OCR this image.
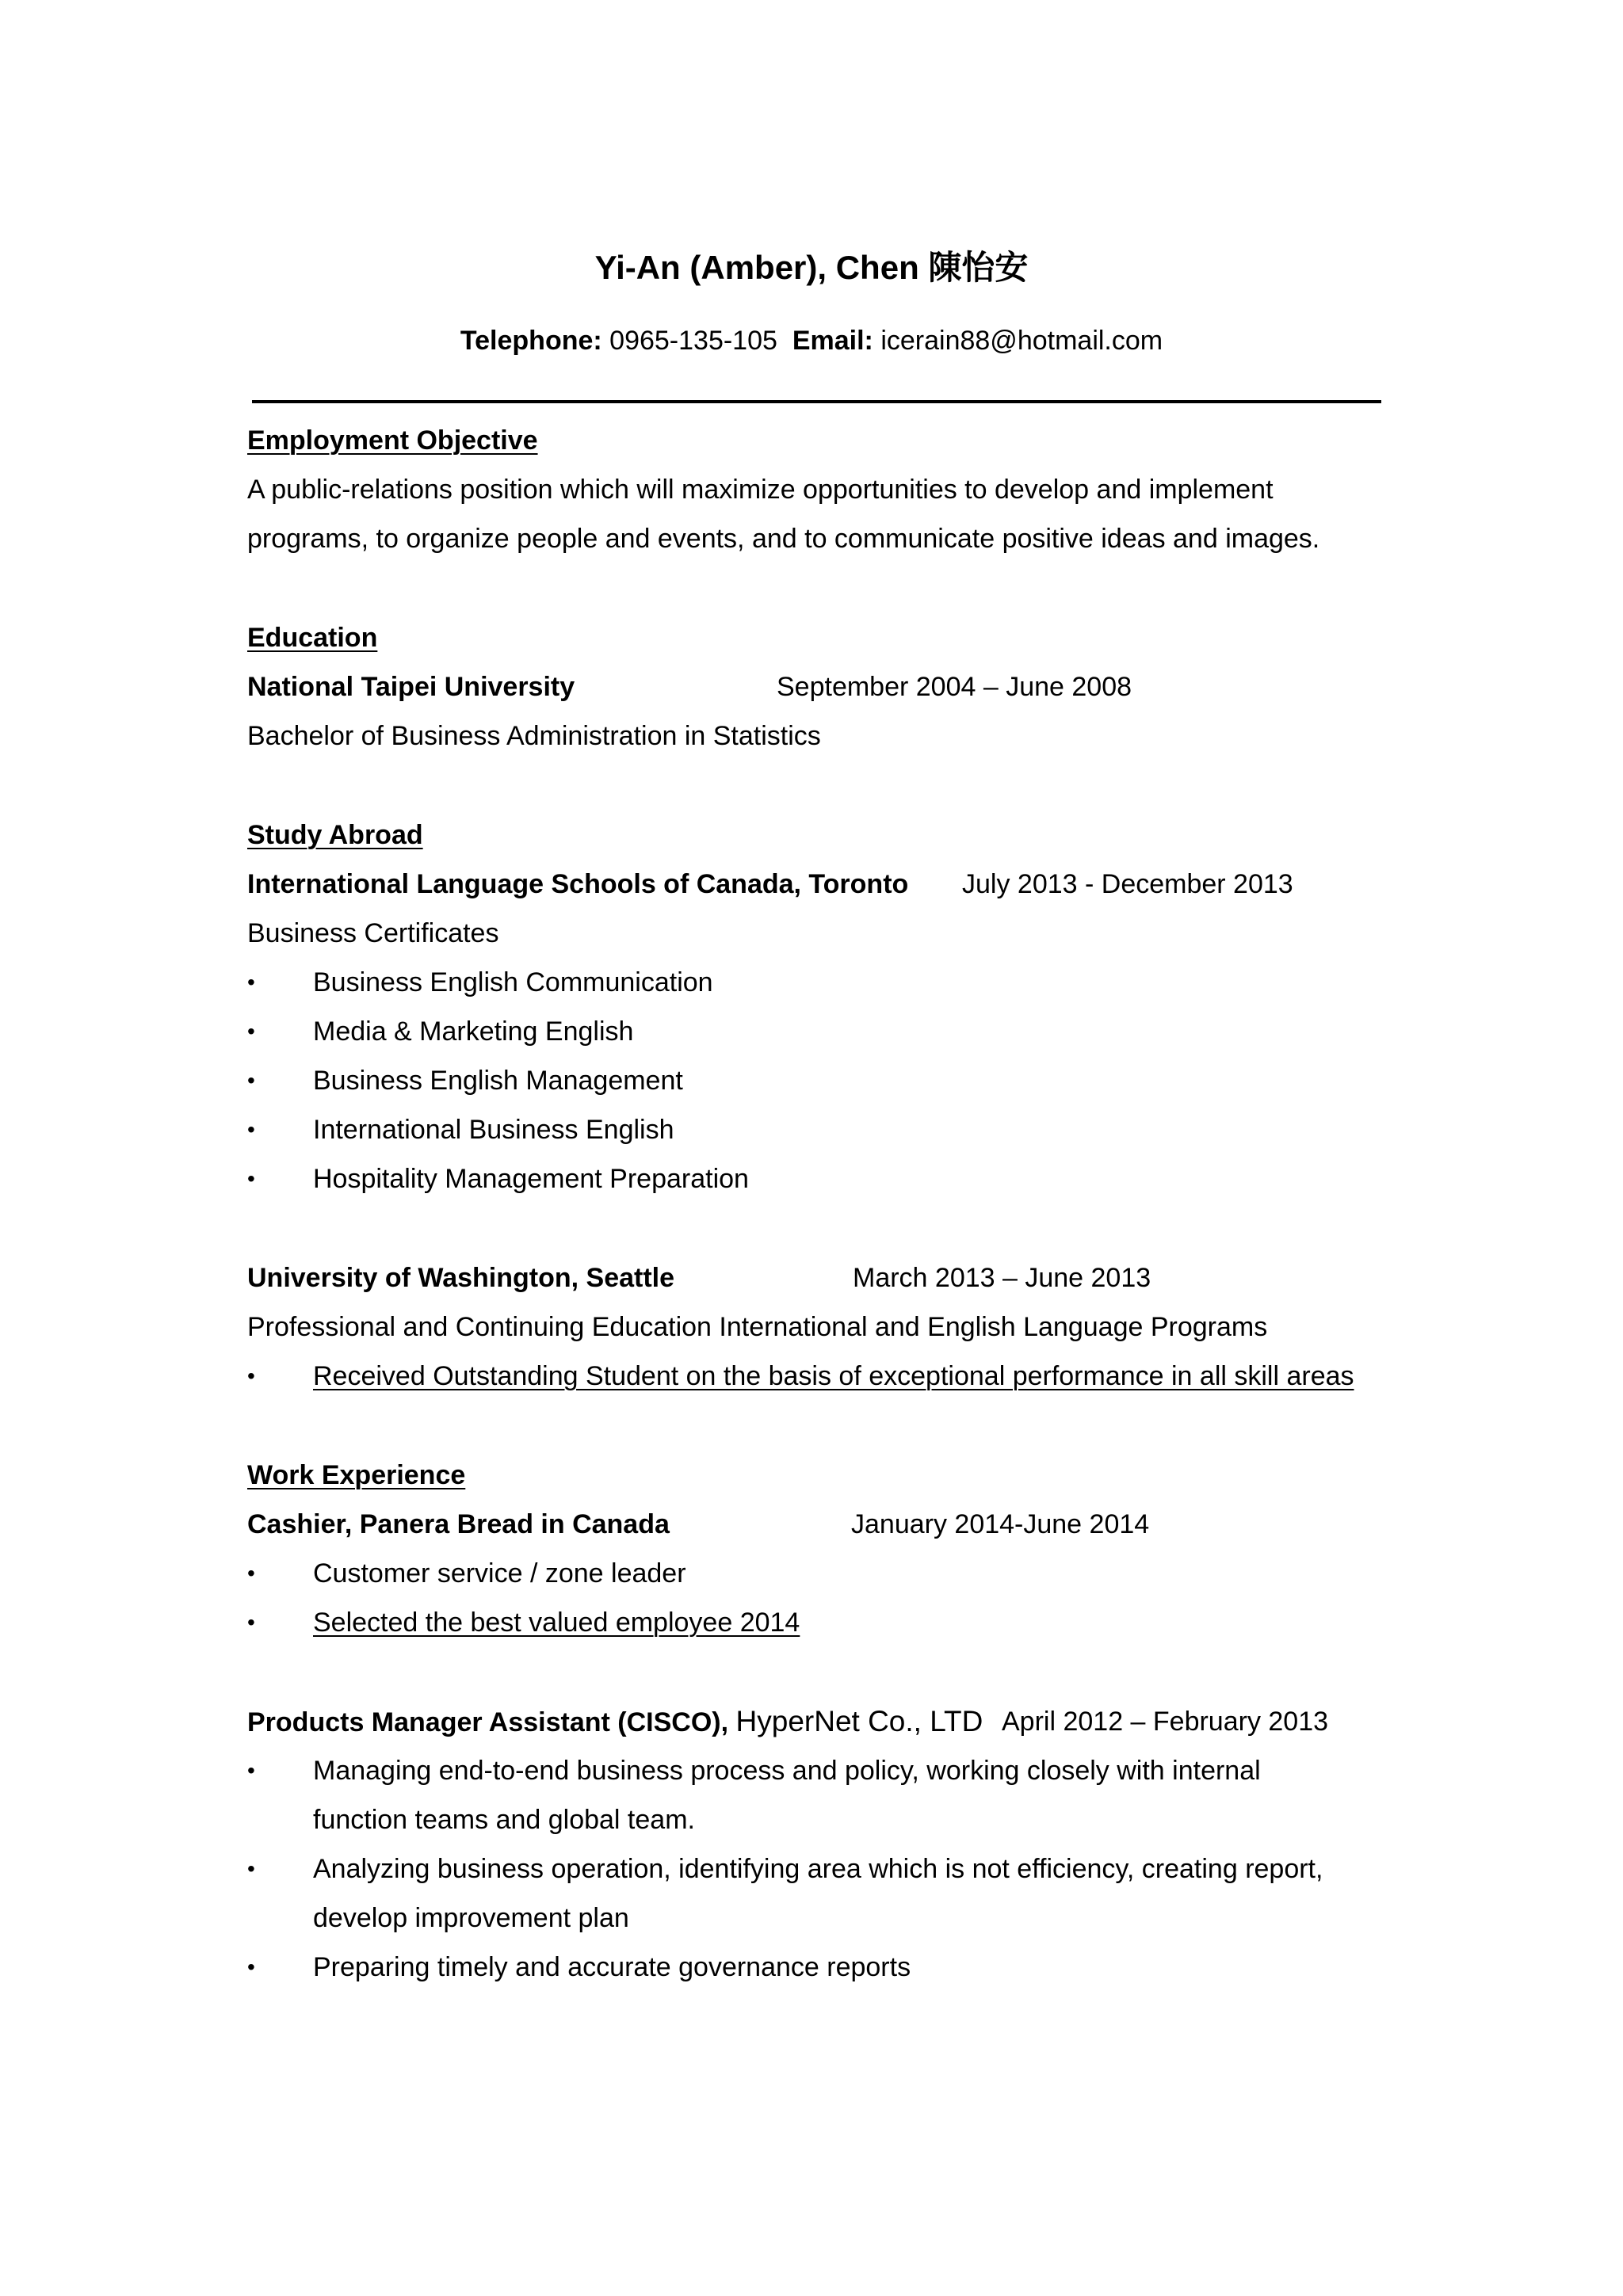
Yi-An (Amber), Chen 陳怡安
Telephone: 0965-135-105 Email: icerain88@hotmail.com
Employment Objective
A public-relations position which will maximize opportunities to develop and implement
programs, to organize people and events, and to communicate positive ideas and images.
Education
National Taipei University	September 2004 – June 2008
Bachelor of Business Administration in Statistics
Study Abroad
International Language Schools of Canada, Toronto July 2013 - December 2013
Business Certificates
• Business English Communication
• Media & Marketing English
• Business English Management
• International Business English
• Hospitality Management Preparation
University of Washington, Seattle	March 2013 – June 2013
Professional and Continuing Education International and English Language Programs
• Received Outstanding Student on the basis of exceptional performance in all skill areas
Work Experience
Cashier, Panera Bread in Canada	January 2014-June 2014
• Customer service / zone leader
• Selected the best valued employee 2014
Products Manager Assistant (CISCO), HyperNet Co., LTD April 2012 – February 2013
• Managing end-to-end business process and policy, working closely with internal
function teams and global team.
• Analyzing business operation, identifying area which is not efficiency, creating report,
develop improvement plan
• Preparing timely and accurate governance reports
